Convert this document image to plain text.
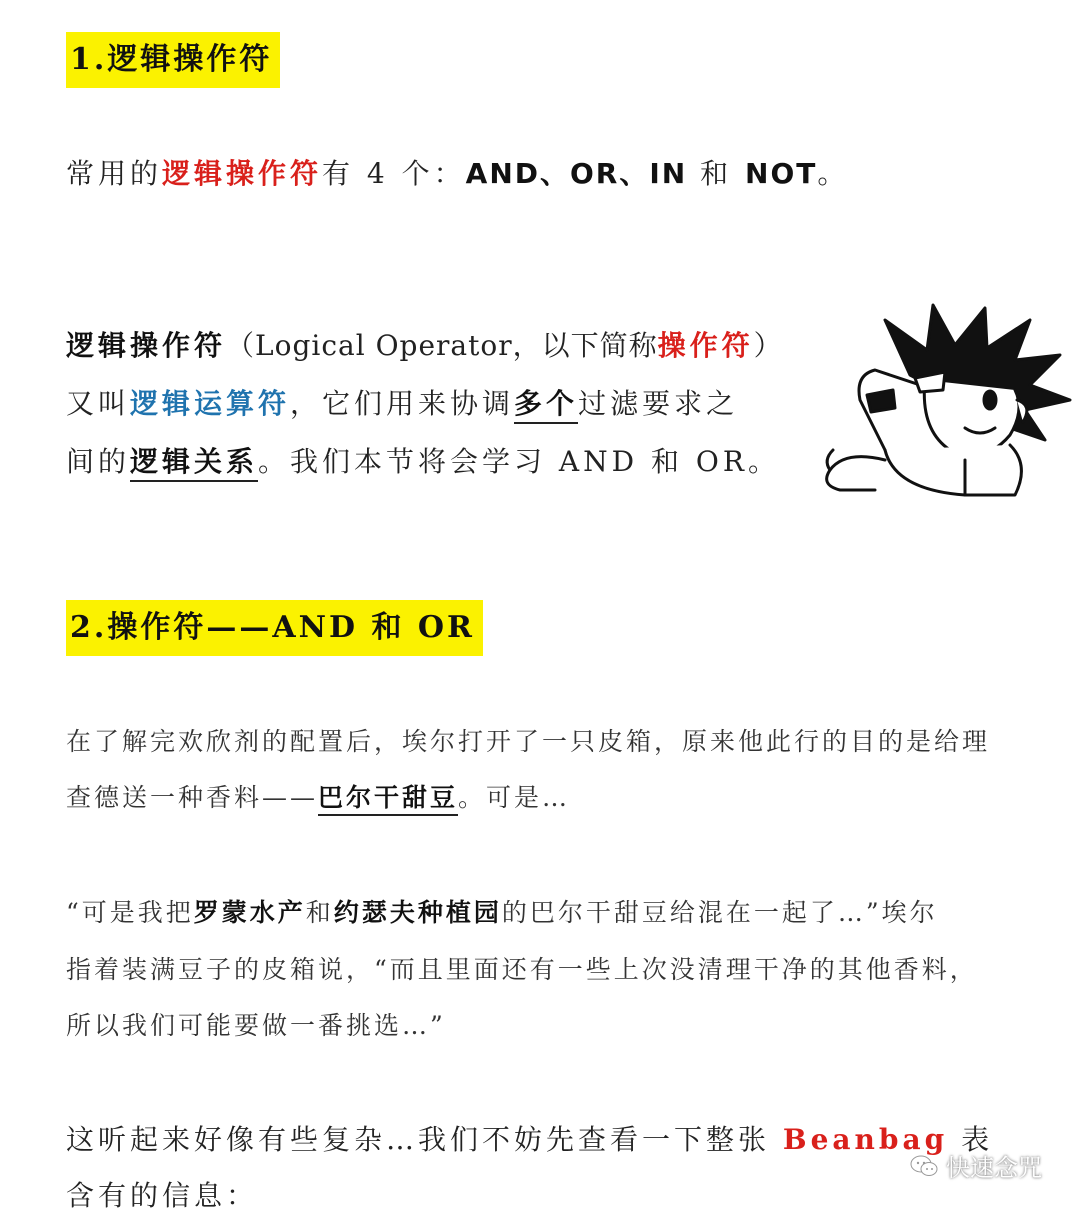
1.逻辑操作符
常用的逻辑操作符有 4 个：AND、OR、IN 和 NOT。
逻辑操作符（Logical Operator，以下简称操作符）
又叫逻辑运算符，它们用来协调多个过滤要求之
间的逻辑关系。我们本节将会学习 AND 和 OR。
2.操作符——AND 和 OR
在了解完欢欣剂的配置后，埃尔打开了一只皮箱，原来他此行的目的是给理
查德送一种香料——巴尔干甜豆。可是…
“可是我把罗蒙水产和约瑟夫种植园的巴尔干甜豆给混在一起了…”埃尔
指着装满豆子的皮箱说，“而且里面还有一些上次没清理干净的其他香料，
所以我们可能要做一番挑选…”
这听起来好像有些复杂…我们不妨先查看一下整张 Beanbag 表
含有的信息：
快速念咒
